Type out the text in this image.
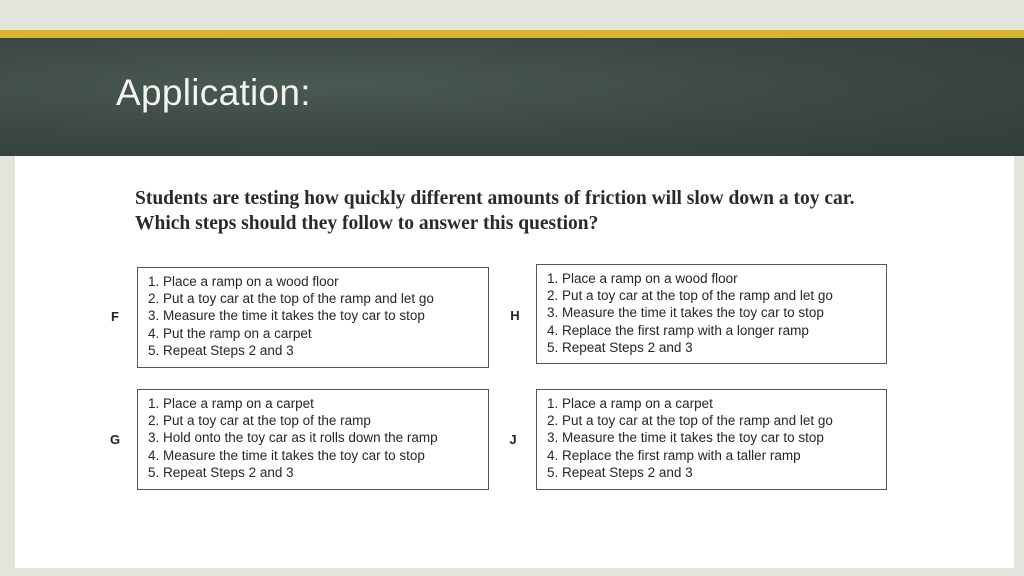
Application:

Students are testing how quickly different amounts of friction will slow down a toy car.
Which steps should they follow to answer this question?

F

1. Place a ramp on a wood floor

2. Put a toy car at the top of the ramp and let go

3. Measure the time it takes the toy car to stop

4. Put the ramp on a carpet

5. Repeat Steps 2 and 3

H

1. Place a ramp on a wood floor

2. Put a toy car at the top of the ramp and let go

3. Measure the time it takes the toy car to stop

4. Replace the first ramp with a longer ramp

5. Repeat Steps 2 and 3

G

1. Place a ramp on a carpet

2. Put a toy car at the top of the ramp

3. Hold onto the toy car as it rolls down the ramp

4. Measure the time it takes the toy car to stop

5. Repeat Steps 2 and 3

J

1. Place a ramp on a carpet

2. Put a toy car at the top of the ramp and let go

3. Measure the time it takes the toy car to stop

4. Replace the first ramp with a taller ramp

5. Repeat Steps 2 and 3
